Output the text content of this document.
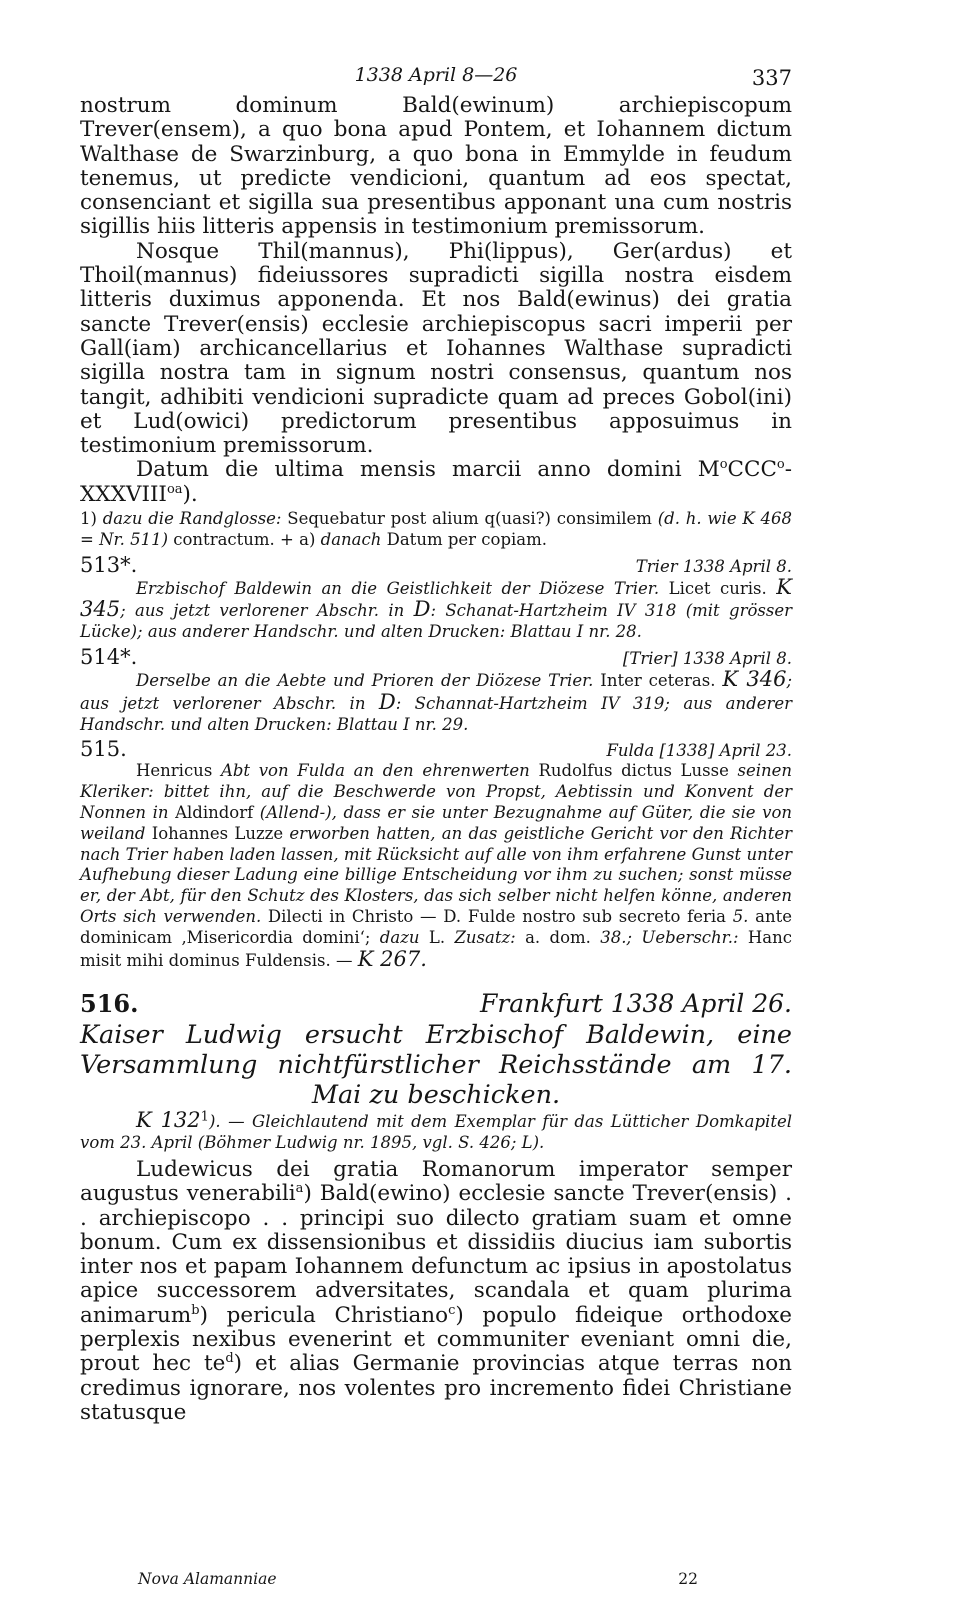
1338 April 8—26	337

nostrum dominum Bald(ewinum) archiepiscopum Trever(ensem), a quo bona apud Pontem, et Iohannem dictum Walthase de Swarzinburg, a quo bona in Emmylde in feudum tenemus, ut predicte vendicioni, quantum ad eos spectat, consenciant et sigilla sua presentibus apponant una cum nostris sigillis hiis litteris appensis in testimonium premissorum.

Nosque Thil(mannus), Phi(lippus), Ger(ardus) et Thoil(mannus) fideiussores supradicti sigilla nostra eisdem litteris duximus apponenda. Et nos Bald(ewinus) dei gratia sancte Trever(ensis) ecclesie archiepiscopus sacri imperii per Gall(iam) archicancellarius et Iohannes Walthase supradicti sigilla nostra tam in signum nostri consensus, quantum nos tangit, adhibiti vendicioni supradicte quam ad preces Gobol(ini) et Lud(owici) predictorum presentibus apposuimus in testimonium premissorum.

Datum die ultima mensis marcii anno domini $M^oCCC^o-XXXVIII^{oa}$).

1) dazu die Randglosse: Sequebatur post alium q(uasi?) consimilem (d. h. wie K 468 = Nr. 511) contractum. + a) danach Datum per copiam.

513*.	Trier 1338 April 8.

Erzbischof Baldewin an die Geistlichkeit der Diözese Trier. Licet curis. K 345; aus jetzt verlorener Abschr. in D: Schanat-Hartzheim IV 318 (mit grösser Lücke); aus anderer Handschr. und alten Drucken: Blattau I nr. 28.

514*.	[Trier] 1338 April 8.

Derselbe an die Aebte und Prioren der Diözese Trier. Inter ceteras. K 346; aus jetzt verlorener Abschr. in D: Schannat-Hartzheim IV 319; aus anderer Handschr. und alten Drucken: Blattau I nr. 29.

515.	Fulda [1338] April 23.

Henricus Abt von Fulda an den ehrenwerten Rudolfus dictus Lusse seinen Kleriker: bittet ihn, auf die Beschwerde von Propst, Aebtissin und Konvent der Nonnen in Aldindorf (Allend-), dass er sie unter Bezugnahme auf Güter, die sie von weiland Iohannes Luzze erworben hatten, an das geistliche Gericht vor den Richter nach Trier haben laden lassen, mit Rücksicht auf alle von ihm erfahrene Gunst unter Aufhebung dieser Ladung eine billige Entscheidung vor ihm zu suchen; sonst müsse er, der Abt, für den Schutz des Klosters, das sich selber nicht helfen könne, anderen Orts sich verwenden. Dilecti in Christo — D. Fulde nostro sub secreto feria 5. ante dominicam ‚Misericordia domini‘; dazu L. Zusatz: a. dom. 38.; Ueberschr.: Hanc misit mihi dominus Fuldensis. — K 267.

516.	Frankfurt 1338 April 26.

Kaiser Ludwig ersucht Erzbischof Baldewin, eine Versammlung nichtfürstlicher Reichsstände am 17. Mai zu beschicken.

K $132^1$). — Gleichlautend mit dem Exemplar für das Lütticher Domkapitel vom 23. April (Böhmer Ludwig nr. 1895, vgl. S. 426; L).

Ludewicus dei gratia Romanorum imperator semper augustus venerabili$^a$) Bald(ewino) ecclesie sancte Trever(ensis) . . archiepiscopo . . principi suo dilecto gratiam suam et omne bonum. Cum ex dissensionibus et dissidiis diucius iam subortis inter nos et papam Iohannem defunctum ac ipsius in apostolatus apice successorem adversitates, scandala et quam plurima animarum$^b$) pericula Christiano$^c$) populo fideique orthodoxe perplexis nexibus evenerint et communiter eveniant omni die, prout hec $te^d$) et alias Germanie provincias atque terras non credimus ignorare, nos volentes pro incremento fidei Christiane statusque

Nova Alamanniae	22
